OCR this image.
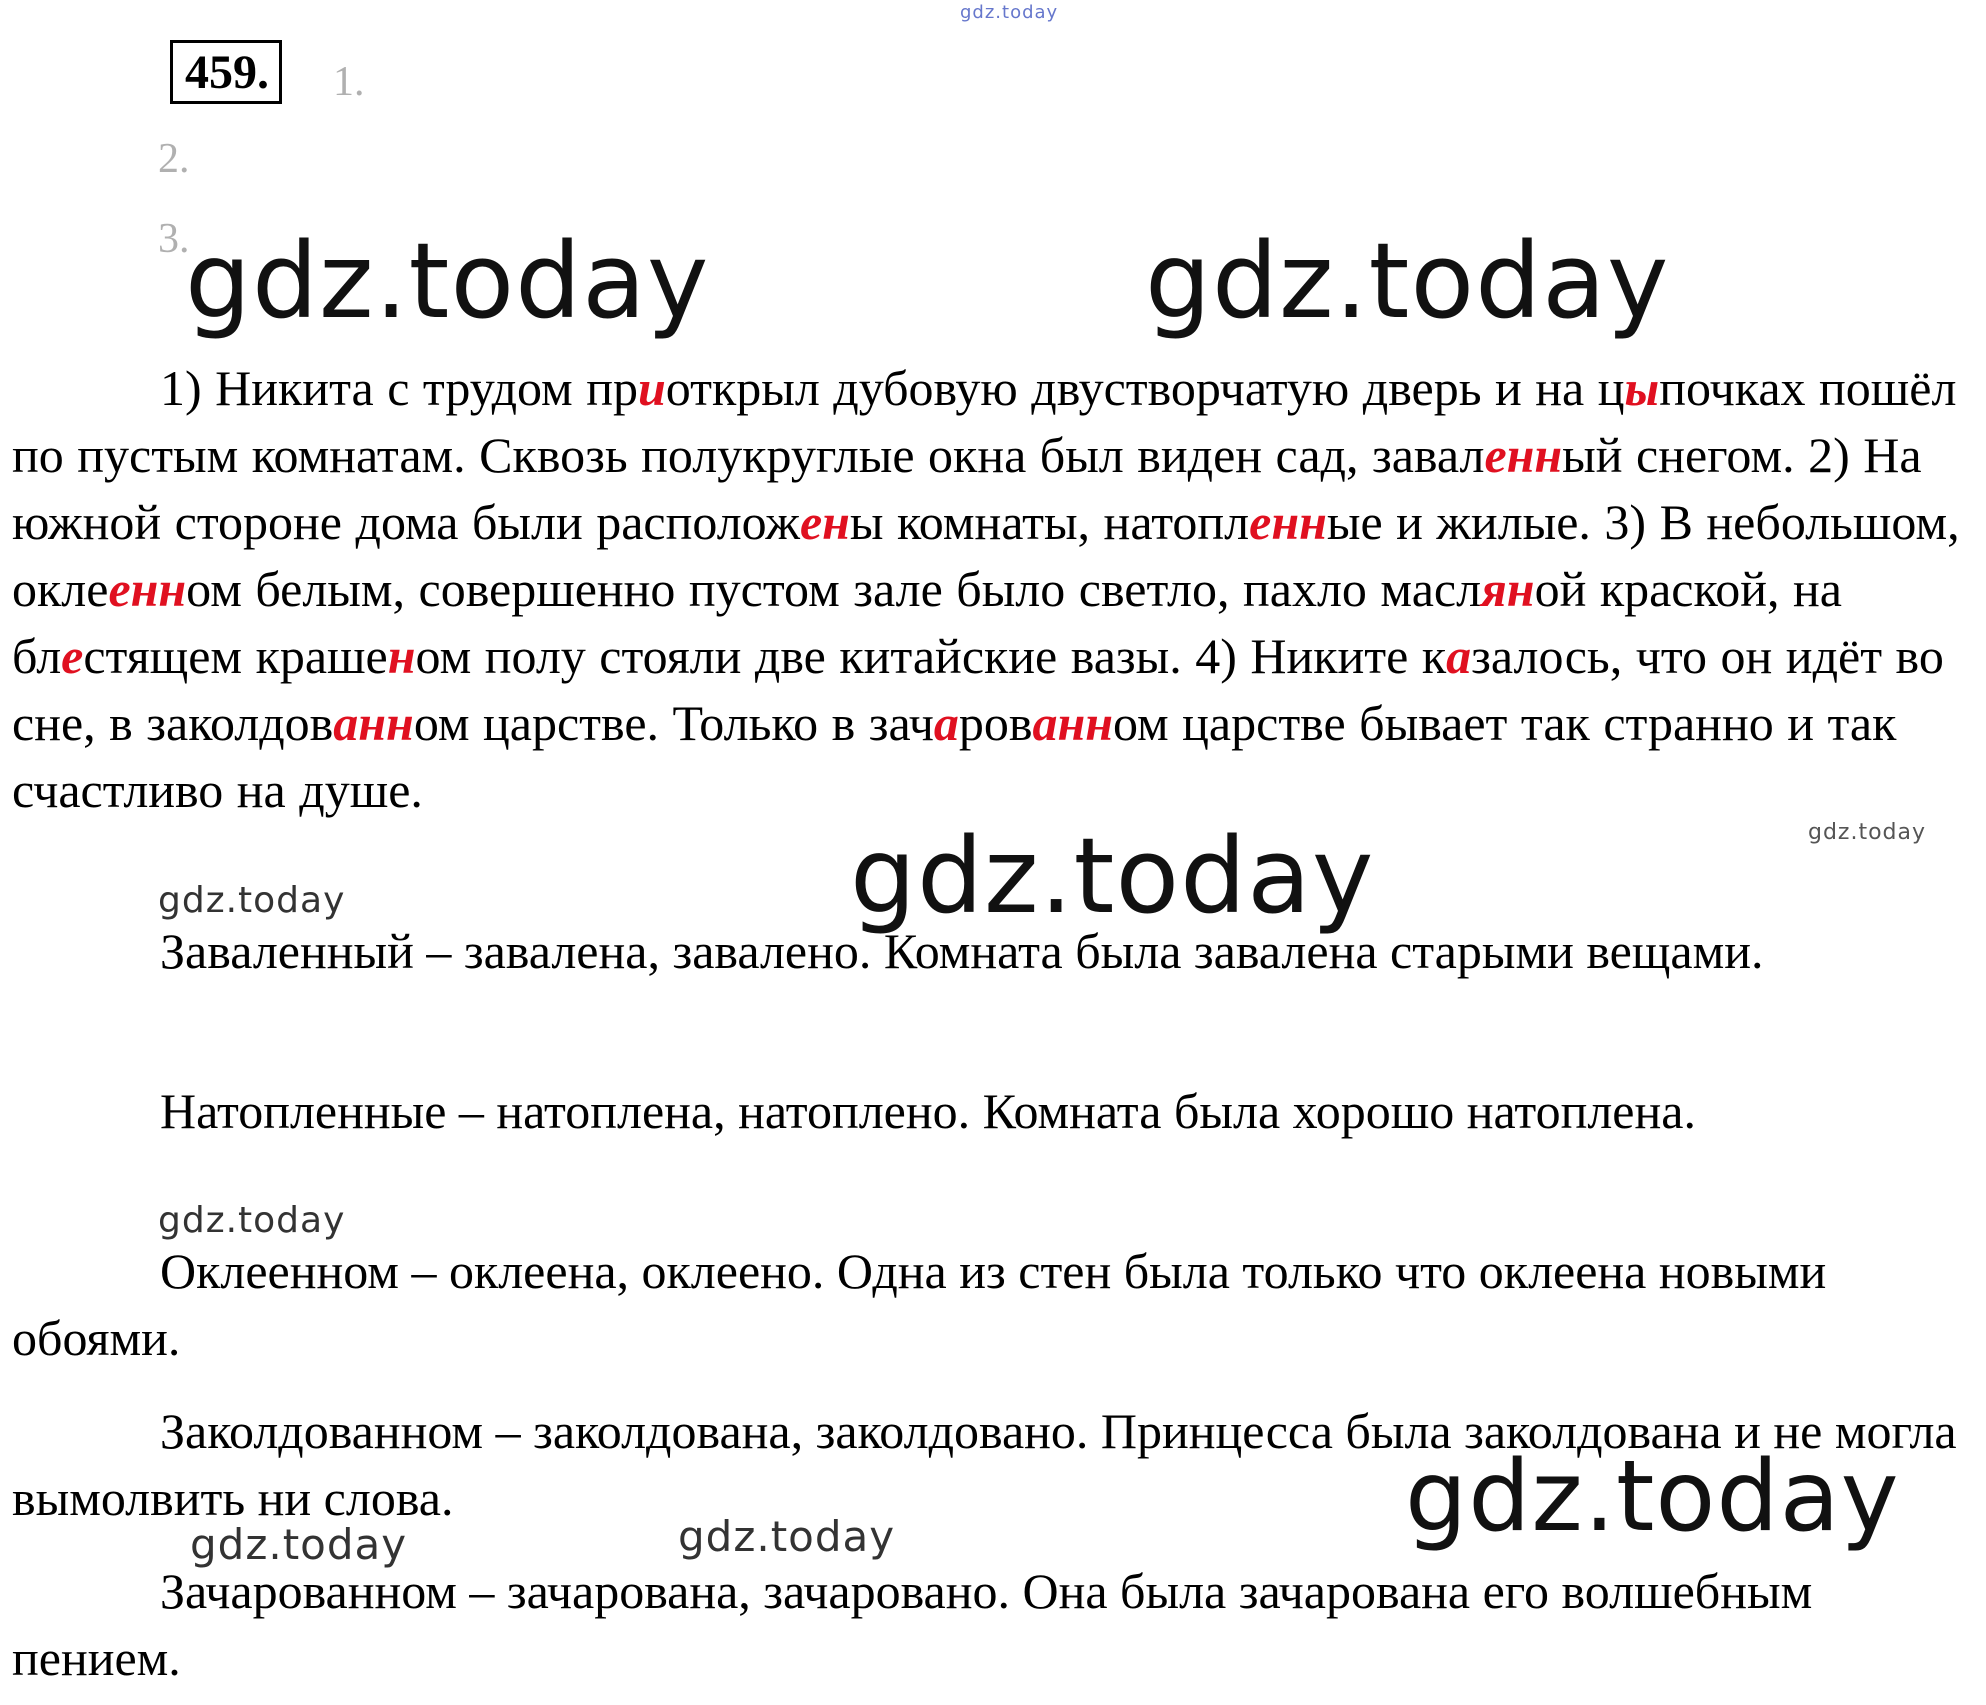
gdz.today
459.	1.
2.
3.
gdz.today	gdz.today

1) Никита с трудом приоткрыл дубовую двустворчатую дверь и на цыпочках пошёл по пустым комнатам. Сквозь полукруглые окна был виден сад, заваленный снегом. 2) На южной стороне дома были расположены комнаты, натопленные и жилые. 3) В небольшом, оклеенном белым, совершенно пустом зале было светло, пахло масляной краской, на блестящем крашеном полу стояли две китайские вазы. 4) Никите казалось, что он идёт во сне, в заколдованном царстве. Только в зачарованном царстве бывает так странно и так счастливо на душе.

gdz.today	gdz.today
gdz.today

Заваленный – завалена, завалено. Комната была завалена старыми вещами.

Натопленные – натоплена, натоплено. Комната была хорошо натоплена.

gdz.today

Оклеенном – оклеена, оклеено. Одна из стен была только что оклеена новыми обоями.

Заколдованном – заколдована, заколдовано. Принцесса была заколдована и не могла вымолвить ни слова.	gdz.today
gdz.today	gdz.today

Зачарованном – зачарована, зачаровано. Она была зачарована его волшебным пением.
